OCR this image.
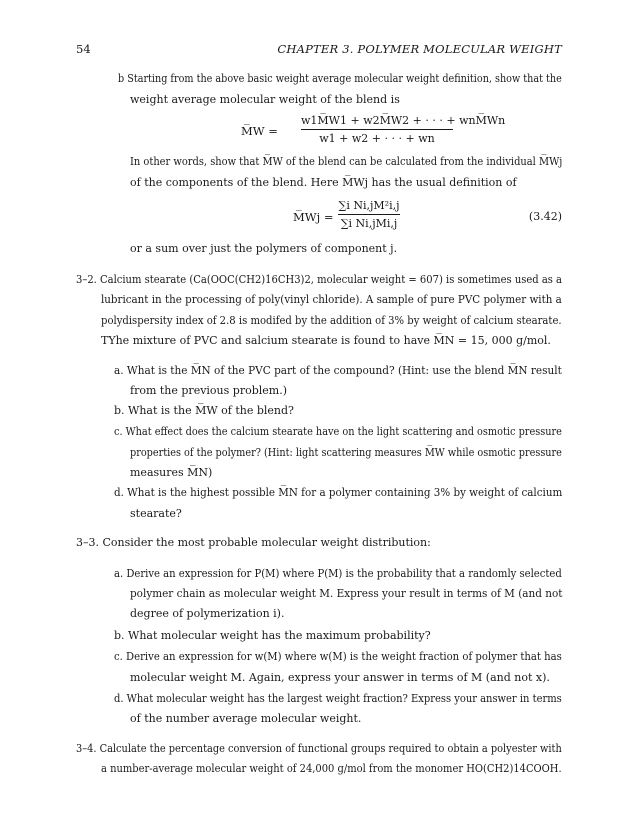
54	CHAPTER 3. POLYMER MOLECULAR WEIGHT
b Starting from the above basic weight average molecular weight definition, show that the
weight average molecular weight of the blend is
M̅W =
w1M̅W1 + w2M̅W2 + · · · + wnM̅Wn
w1 + w2 + · · · + wn
In other words, show that M̅W of the blend can be calculated from the individual M̅Wj
of the components of the blend. Here M̅Wj has the usual definition of
M̅Wj =
∑i Ni,jM²i,j
∑i Ni,jMi,j
(3.42)
or a sum over just the polymers of component j.
3–2. Calcium stearate (Ca(OOC(CH2)16CH3)2, molecular weight = 607) is sometimes used as a
lubricant in the processing of poly(vinyl chloride). A sample of pure PVC polymer with a
polydispersity index of 2.8 is modifed by the addition of 3% by weight of calcium stearate.
TYhe mixture of PVC and salcium stearate is found to have M̅N = 15, 000 g/mol.
a. What is the M̅N of the PVC part of the compound? (Hint: use the blend M̅N result
from the previous problem.)
b. What is the M̅W of the blend?
c. What effect does the calcium stearate have on the light scattering and osmotic pressure
properties of the polymer? (Hint: light scattering measures M̅W while osmotic pressure
measures M̅N)
d. What is the highest possible M̅N for a polymer containing 3% by weight of calcium
stearate?
3–3. Consider the most probable molecular weight distribution:
a. Derive an expression for P(M) where P(M) is the probability that a randomly selected
polymer chain as molecular weight M. Express your result in terms of M (and not
degree of polymerization i).
b. What molecular weight has the maximum probability?
c. Derive an expression for w(M) where w(M) is the weight fraction of polymer that has
molecular weight M. Again, express your answer in terms of M (and not x).
d. What molecular weight has the largest weight fraction? Express your answer in terms
of the number average molecular weight.
3–4. Calculate the percentage conversion of functional groups required to obtain a polyester with
a number-average molecular weight of 24,000 g/mol from the monomer HO(CH2)14COOH.
